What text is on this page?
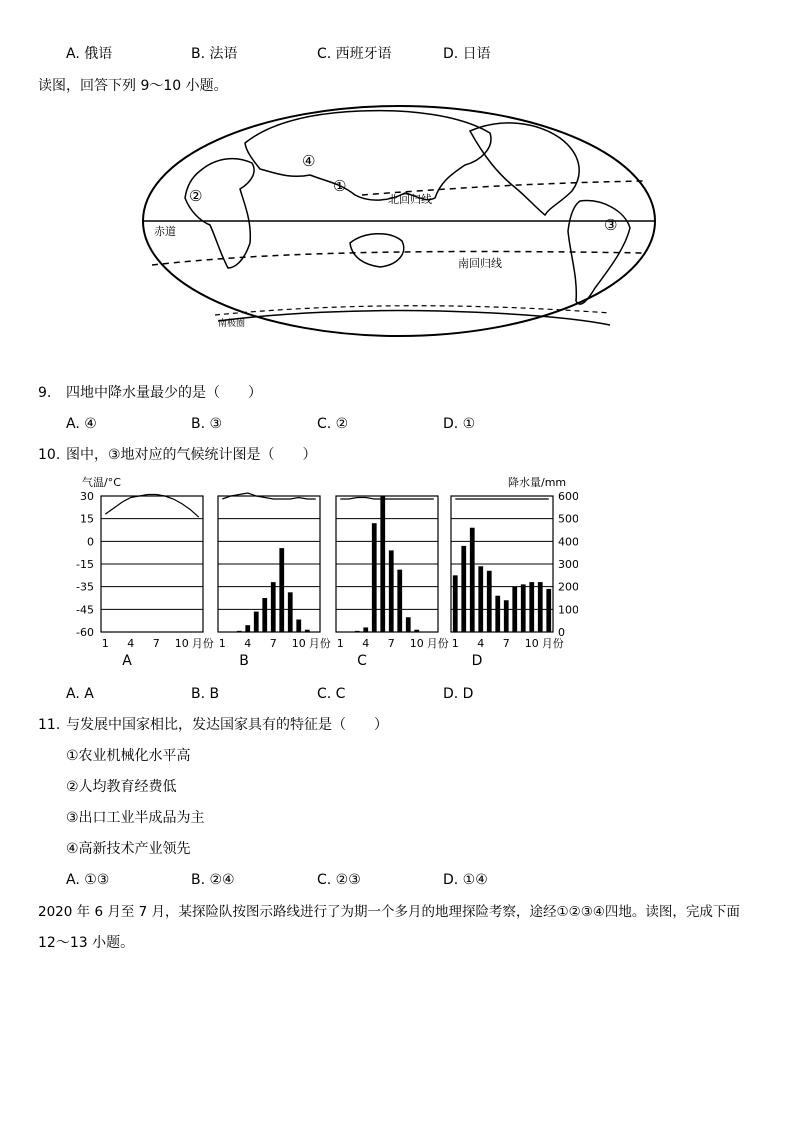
A. 俄语	B. 法语	C. 西班牙语	D. 日语
读图，回答下列 9～10 小题。
北回归线
赤道
南回归线
南极圈
①
②
③
④
9. 四地中降水量最少的是（　　）
A. ④	B. ③	C. ②	D. ①
10. 图中，③地对应的气候统计图是（　　）
气温/°C	降水量/mm
30
15
0
-15
-35
-45
-60
600
500
400
300
200
100
0
1 4 7 10 月份
A
1 4 7 10 月份
B
1 4 7 10 月份
C
1 4 7 10 月份
D
A. A	B. B	C. C	D. D
11. 与发展中国家相比，发达国家具有的特征是（　　）
①农业机械化水平高
②人均教育经费低
③出口工业半成品为主
④高新技术产业领先
A. ①③	B. ②④	C. ②③	D. ①④
2020 年 6 月至 7 月，某探险队按图示路线进行了为期一个多月的地理探险考察，途经①②③④四地。读图，完成下面
12～13 小题。
